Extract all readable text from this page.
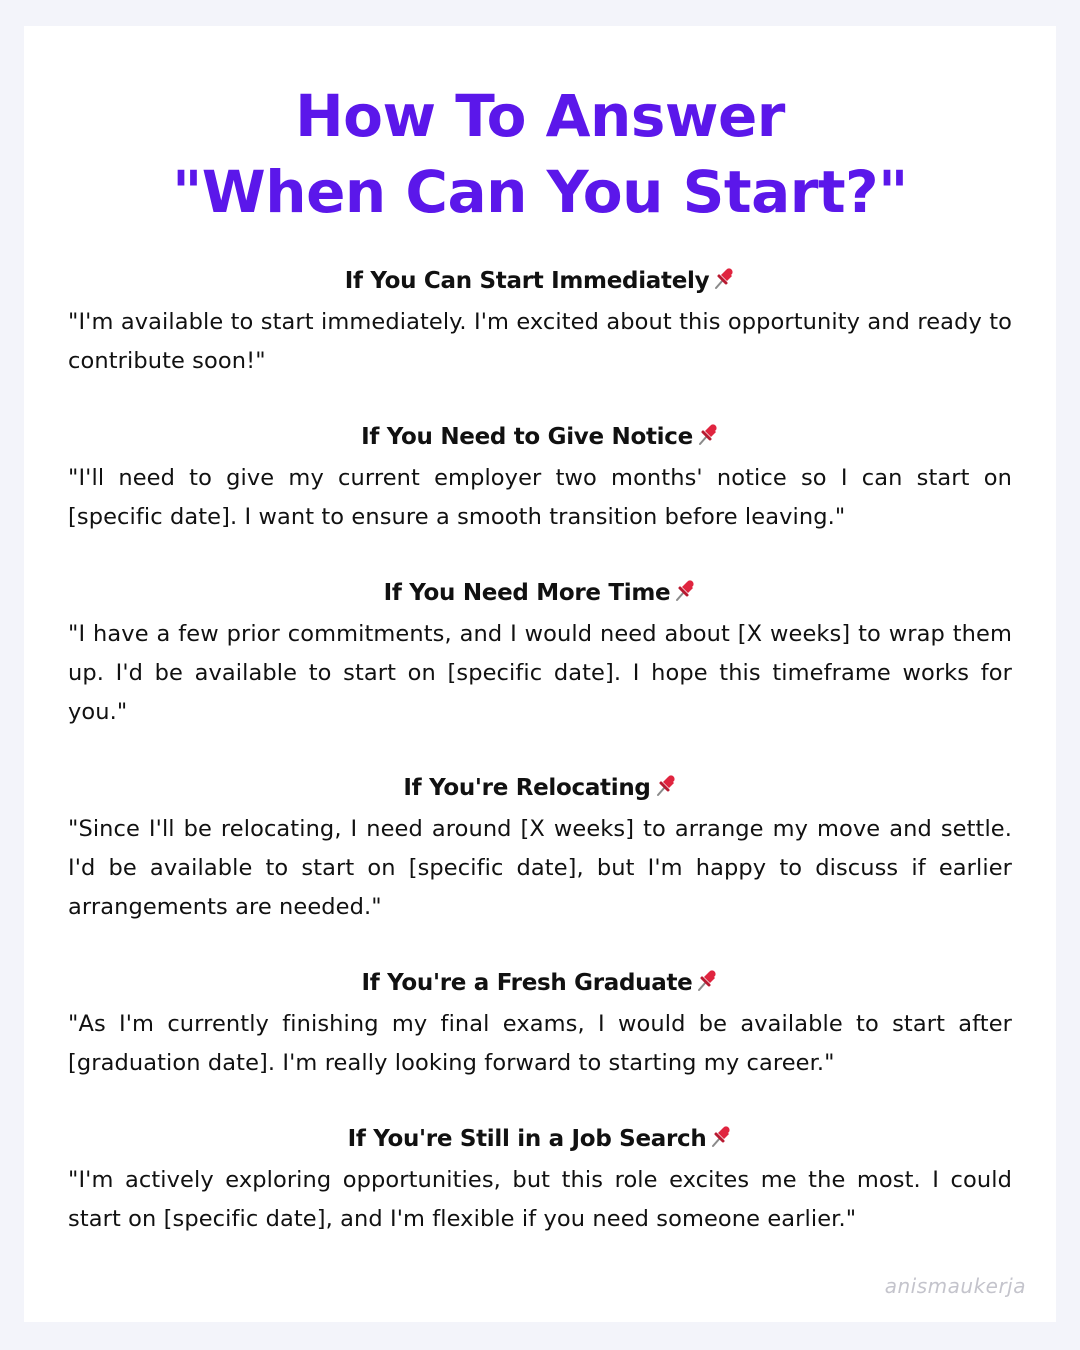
How To Answer
"When Can You Start?"

If You Can Start Immediately

"I'm available to start immediately. I'm excited about this opportunity and ready to contribute soon!"

If You Need to Give Notice

"I'll need to give my current employer two months' notice so I can start on [specific date]. I want to ensure a smooth transition before leaving."

If You Need More Time

"I have a few prior commitments, and I would need about [X weeks] to wrap them up. I'd be available to start on [specific date]. I hope this timeframe works for you."

If You're Relocating

"Since I'll be relocating, I need around [X weeks] to arrange my move and settle. I'd be available to start on [specific date], but I'm happy to discuss if earlier arrangements are needed."

If You're a Fresh Graduate

"As I'm currently finishing my final exams, I would be available to start after [graduation date]. I'm really looking forward to starting my career."

If You're Still in a Job Search

"I'm actively exploring opportunities, but this role excites me the most. I could start on [specific date], and I'm flexible if you need someone earlier."

anismaukerja
